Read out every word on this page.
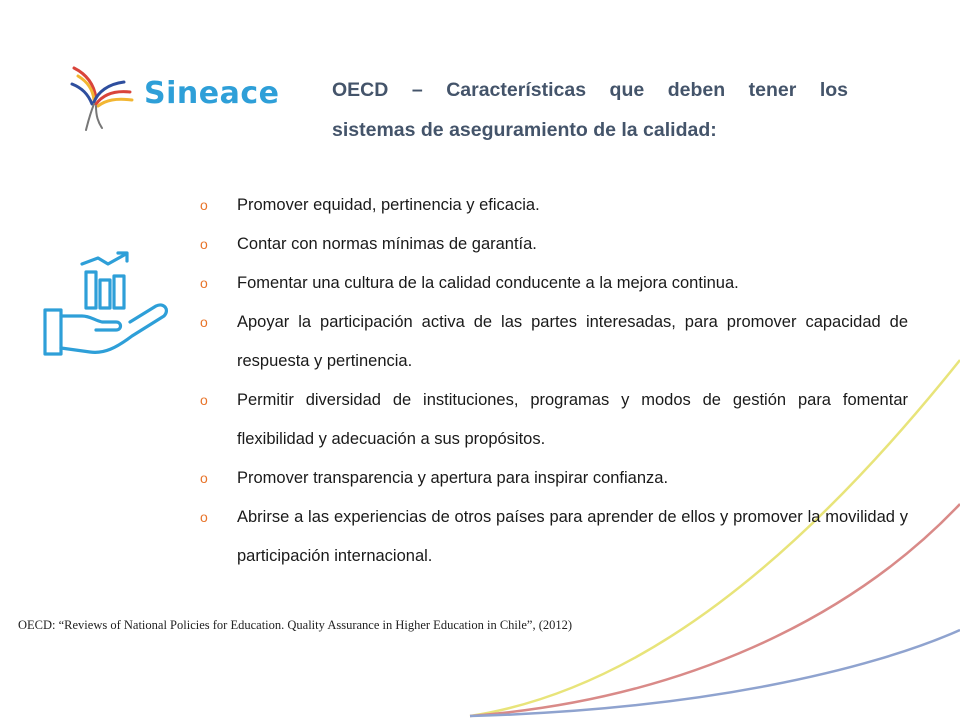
Sineace	OECD – Características que deben tener los

sistemas de aseguramiento de la calidad:
o Promover equidad, pertinencia y eficacia.
o Contar con normas mínimas de garantía.
o Fomentar una cultura de la calidad conducente a la mejora continua.
o Apoyar la participación activa de las partes interesadas, para promover capacidad de respuesta y pertinencia.
o Permitir diversidad de instituciones, programas y modos de gestión para fomentar flexibilidad y adecuación a sus propósitos.
o Promover transparencia y apertura para inspirar confianza.
o Abrirse a las experiencias de otros países para aprender de ellos y promover la movilidad y participación internacional.
OECD: “Reviews of National Policies for Education. Quality Assurance in Higher Education in Chile”, (2012)
